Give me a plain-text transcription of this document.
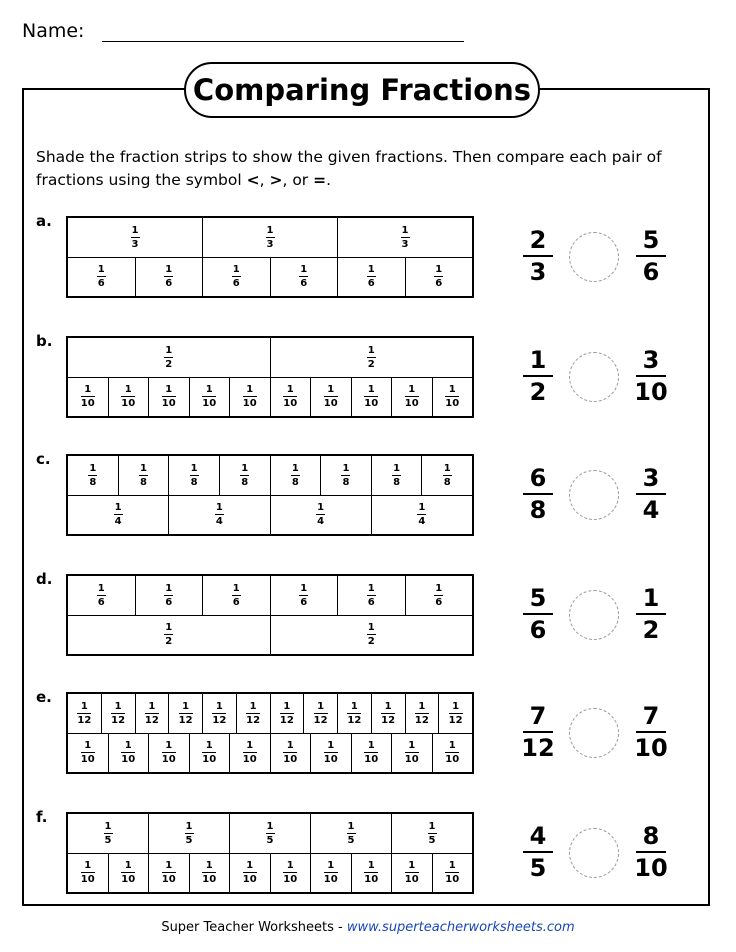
Name:
Comparing Fractions
Shade the fraction strips to show the given fractions. Then compare each pair of fractions using the symbol <, >, or =.
a.
$\frac{1}{3}$	$\frac{1}{3}$	$\frac{1}{3}$
$\frac{1}{6}$	$\frac{1}{6}$	$\frac{1}{6}$	$\frac{1}{6}$	$\frac{1}{6}$	$\frac{1}{6}$
2
3
5
6
b.
$\frac{1}{2}$	$\frac{1}{2}$
$\frac{1}{10}$	$\frac{1}{10}$	$\frac{1}{10}$	$\frac{1}{10}$	$\frac{1}{10}$	$\frac{1}{10}$	$\frac{1}{10}$	$\frac{1}{10}$	$\frac{1}{10}$	$\frac{1}{10}$
1
2
3
10
c.
$\frac{1}{8}$	$\frac{1}{8}$	$\frac{1}{8}$	$\frac{1}{8}$	$\frac{1}{8}$	$\frac{1}{8}$	$\frac{1}{8}$	$\frac{1}{8}$
$\frac{1}{4}$	$\frac{1}{4}$	$\frac{1}{4}$	$\frac{1}{4}$
6
8
3
4
d.
$\frac{1}{6}$	$\frac{1}{6}$	$\frac{1}{6}$	$\frac{1}{6}$	$\frac{1}{6}$	$\frac{1}{6}$
$\frac{1}{2}$	$\frac{1}{2}$
5
6
1
2
e.
$\frac{1}{12} \frac{1}{12} \frac{1}{12} \frac{1}{12} \frac{1}{12} \frac{1}{12} \frac{1}{12} \frac{1}{12} \frac{1}{12} \frac{1}{12} \frac{1}{12} \frac{1}{12}$
$\frac{1}{10}$	$\frac{1}{10}$	$\frac{1}{10}$	$\frac{1}{10}$	$\frac{1}{10}$	$\frac{1}{10}$	$\frac{1}{10}$	$\frac{1}{10}$	$\frac{1}{10}$	$\frac{1}{10}$
7
12
7
10
f.
$\frac{1}{5}$	$\frac{1}{5}$	$\frac{1}{5}$	$\frac{1}{5}$	$\frac{1}{5}$
$\frac{1}{10}$	$\frac{1}{10}$	$\frac{1}{10}$	$\frac{1}{10}$	$\frac{1}{10}$	$\frac{1}{10}$	$\frac{1}{10}$	$\frac{1}{10}$	$\frac{1}{10}$	$\frac{1}{10}$
4
5
8
10
Super Teacher Worksheets - www.superteacherworksheets.com
